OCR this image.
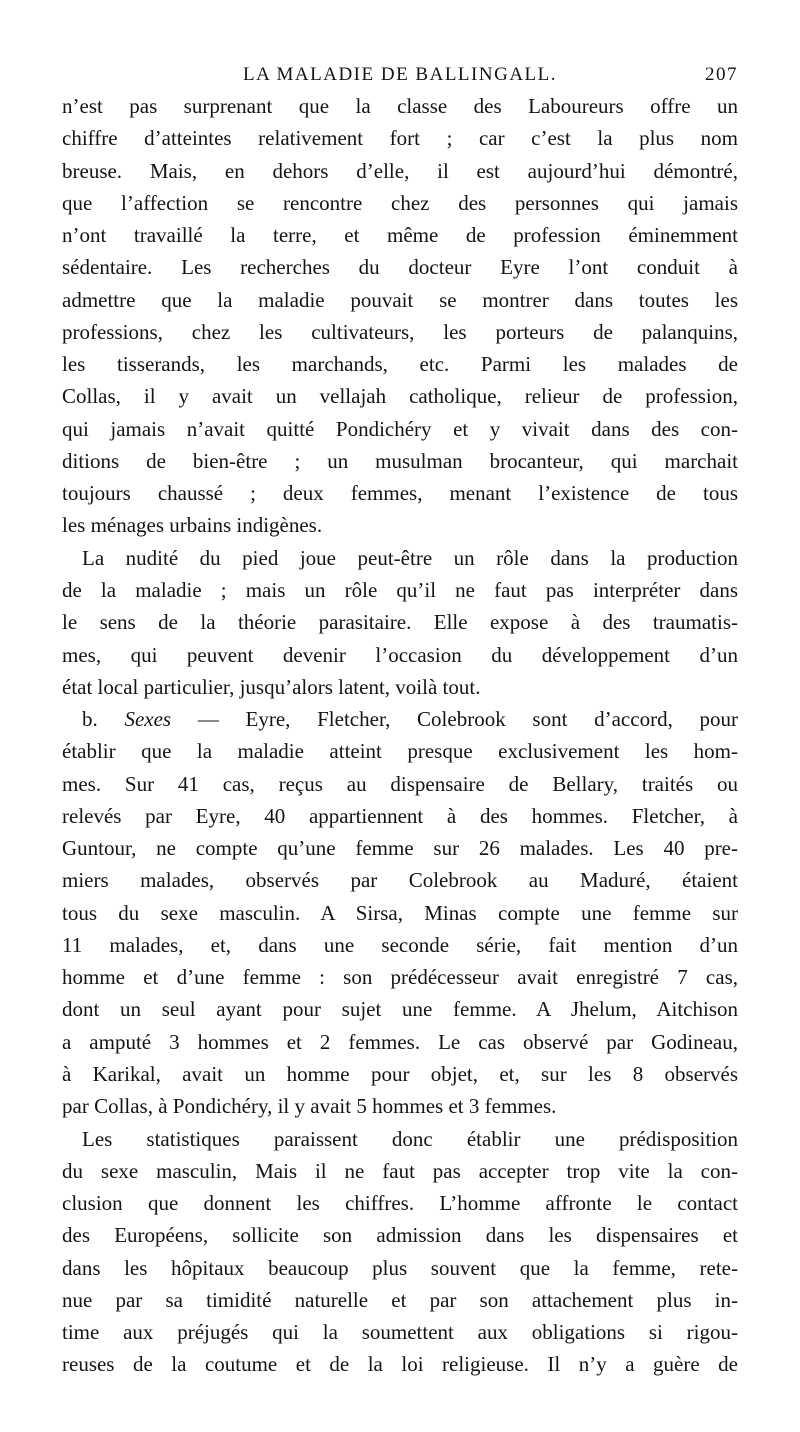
LA MALADIE DE BALLINGALL.	207
n’est pas surprenant que la classe des Laboureurs offre un
chiffre d’atteintes relativement fort ; car c’est la plus nom
breuse. Mais, en dehors d’elle, il est aujourd’hui démontré,
que l’affection se rencontre chez des personnes qui jamais
n’ont travaillé la terre, et même de profession éminemment
sédentaire. Les recherches du docteur Eyre l’ont conduit à
admettre que la maladie pouvait se montrer dans toutes les
professions, chez les cultivateurs, les porteurs de palanquins,
les tisserands, les marchands, etc. Parmi les malades de
Collas, il y avait un vellajah catholique, relieur de profession,
qui jamais n’avait quitté Pondichéry et y vivait dans des con-
ditions de bien-être ; un musulman brocanteur, qui marchait
toujours chaussé ; deux femmes, menant l’existence de tous
les ménages urbains indigènes.
La nudité du pied joue peut-être un rôle dans la production
de la maladie ; mais un rôle qu’il ne faut pas interpréter dans
le sens de la théorie parasitaire. Elle expose à des traumatis-
mes, qui peuvent devenir l’occasion du développement d’un
état local particulier, jusqu’alors latent, voilà tout.
b. Sexes — Eyre, Fletcher, Colebrook sont d’accord, pour
établir que la maladie atteint presque exclusivement les hom-
mes. Sur 41 cas, reçus au dispensaire de Bellary, traités ou
relevés par Eyre, 40 appartiennent à des hommes. Fletcher, à
Guntour, ne compte qu’une femme sur 26 malades. Les 40 pre-
miers malades, observés par Colebrook au Maduré, étaient
tous du sexe masculin. A Sirsa, Minas compte une femme sur
11 malades, et, dans une seconde série, fait mention d’un
homme et d’une femme : son prédécesseur avait enregistré 7 cas,
dont un seul ayant pour sujet une femme. A Jhelum, Aitchison
a amputé 3 hommes et 2 femmes. Le cas observé par Godineau,
à Karikal, avait un homme pour objet, et, sur les 8 observés
par Collas, à Pondichéry, il y avait 5 hommes et 3 femmes.
Les statistiques paraissent donc établir une prédisposition
du sexe masculin, Mais il ne faut pas accepter trop vite la con-
clusion que donnent les chiffres. L’homme affronte le contact
des Européens, sollicite son admission dans les dispensaires et
dans les hôpitaux beaucoup plus souvent que la femme, rete-
nue par sa timidité naturelle et par son attachement plus in-
time aux préjugés qui la soumettent aux obligations si rigou-
reuses de la coutume et de la loi religieuse. Il n’y a guère de
